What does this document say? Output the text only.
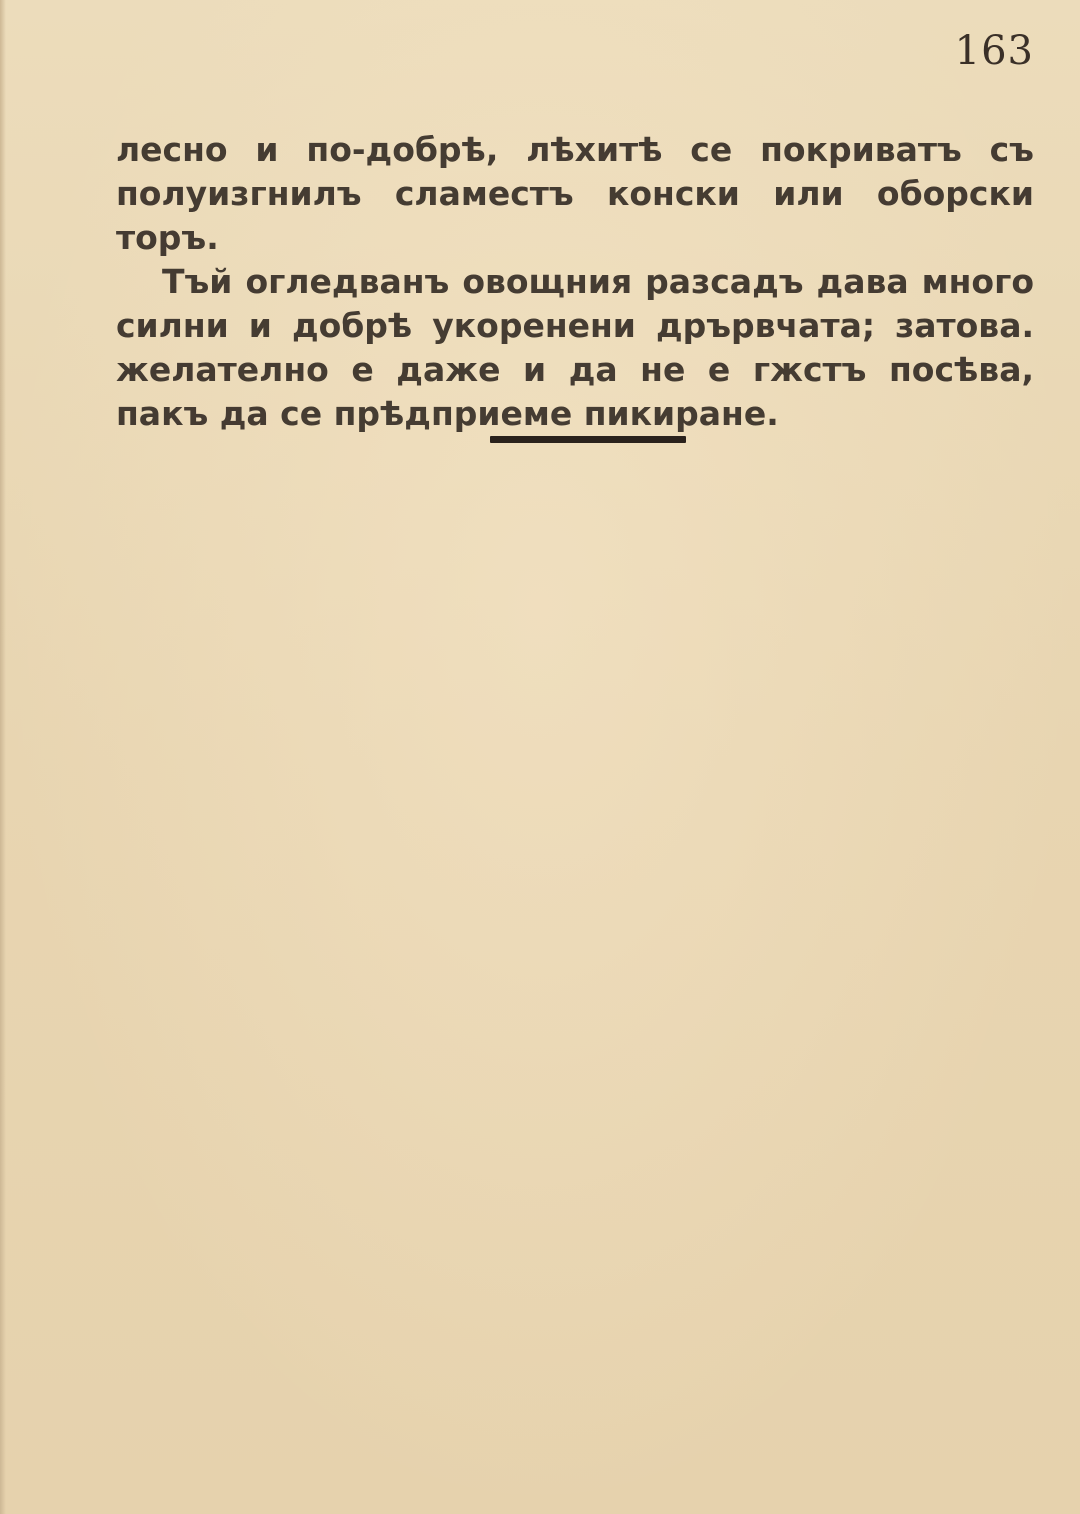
163

лесно и по-добрѣ, лѣхитѣ се покриватъ съ полуизгнилъ сламестъ конски или оборски торъ.

Тъй огледванъ овощния разсадъ дава много силни и добрѣ укоренени дрървчата; затова. желателно е даже и да не е гжстъ посѣва, пакъ да се прѣдприеме пикиране.
